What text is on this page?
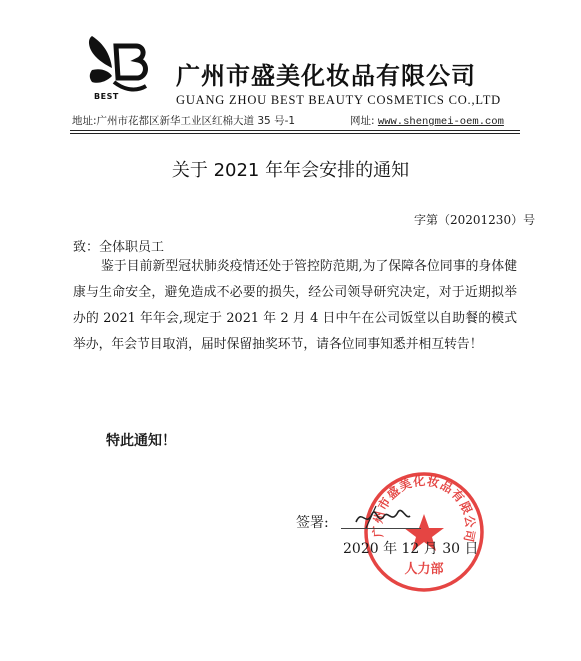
BEST
广州市盛美化妆品有限公司
GUANG ZHOU BEST BEAUTY COSMETICS CO.,LTD
地址:广州市花都区新华工业区红棉大道 35 号-1	网址: www.shengmei-oem.com
关于 2021 年年会安排的通知
字第（20201230）号
致：全体职员工
鉴于目前新型冠状肺炎疫情还处于管控防范期,为了保障各位同事的身体健康与生命安全，避免造成不必要的损失，经公司领导研究决定，对于近期拟举办的 2021 年年会,现定于 2021 年 2 月 4 日中午在公司饭堂以自助餐的模式举办，年会节目取消，届时保留抽奖环节，请各位同事知悉并相互转告！
特此通知！
广州市盛美化妆品有限公司
人力部
签署:
2020 年 12 月 30 日
